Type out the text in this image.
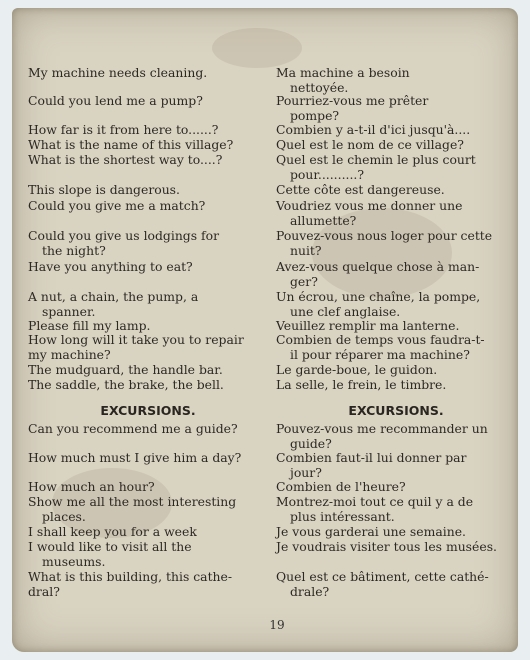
My machine needs cleaning.
Could you lend me a pump?
How far is it from here to......?
What is the name of this village?
What is the shortest way to....?
This slope is dangerous.
Could you give me a match?
Could you give us lodgings for
the night?
Have you anything to eat?
A nut, a chain, the pump, a
spanner.
Please fill my lamp.
How long will it take you to repair
my machine?
The mudguard, the handle bar.
The saddle, the brake, the bell.
Can you recommend me a guide?
How much must I give him a day?
How much an hour?
Show me all the most interesting
places.
I shall keep you for a week
I would like to visit all the
museums.
What is this building, this cathe-
dral?
EXCURSIONS.
Ma machine a besoin
nettoyée.
Pourriez-vous me prêter
pompe?
Combien y a-t-il d'ici jusqu'à....
Quel est le nom de ce village?
Quel est le chemin le plus court
pour..........?
Cette côte est dangereuse.
Voudriez vous me donner une
allumette?
Pouvez-vous nous loger pour cette
nuit?
Avez-vous quelque chose à man-
ger?
Un écrou, une chaîne, la pompe,
une clef anglaise.
Veuillez remplir ma lanterne.
Combien de temps vous faudra-t-
il pour réparer ma machine?
Le garde-boue, le guidon.
La selle, le frein, le timbre.
Pouvez-vous me recommander un
guide?
Combien faut-il lui donner par
jour?
Combien de l'heure?
Montrez-moi tout ce quil y a de
plus intéressant.
Je vous garderai une semaine.
Je voudrais visiter tous les musées.
Quel est ce bâtiment, cette cathé-
drale?
EXCURSIONS.
19
